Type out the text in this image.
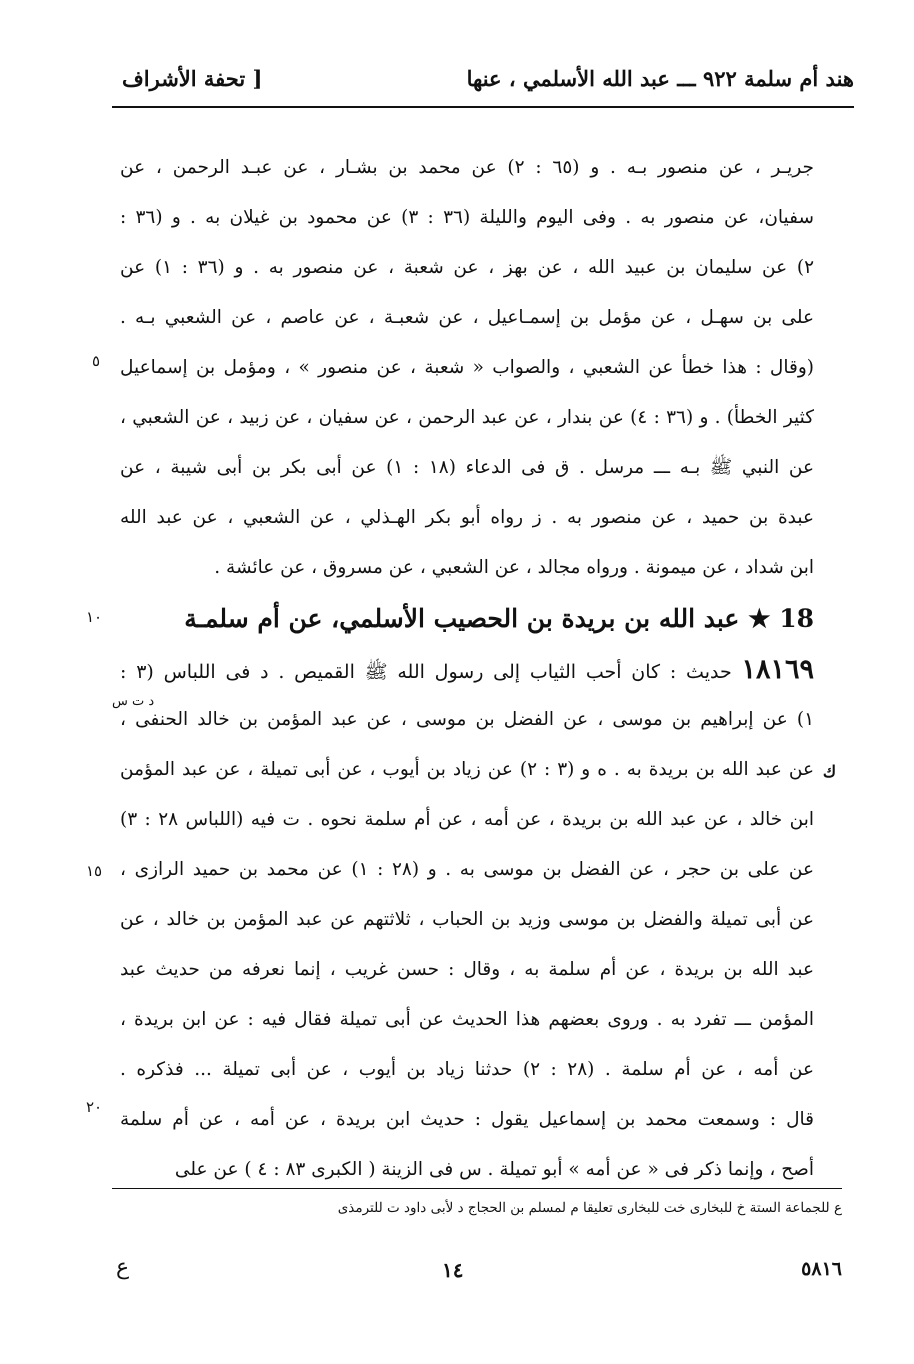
هند أم سلمة ٩٢٢ ـــ عبد الله الأسلمي ، عنها
[ تحفة الأشراف
جريـر ، عن منصور بـه . و (٦٥ : ٢) عن محمد بن بشـار ، عن عبـد الرحمن ، عن
سفيان، عن منصور به . وفى اليوم والليلة (٣٦ : ٣) عن محمود بن غيلان به . و (٣٦ :
٢) عن سليمان بن عبيد الله ، عن بهز ، عن شعبة ، عن منصور به . و (٣٦ : ١) عن
على بن سهـل ، عن مؤمل بن إسمـاعيل ، عن شعبـة ، عن عاصم ، عن الشعبي بـه .
(وقال : هذا خطأ عن الشعبي ، والصواب « شعبة ، عن منصور » ، ومؤمل بن إسماعيل
كثير الخطأ) . و (٣٦ : ٤) عن بندار ، عن عبد الرحمن ، عن سفيان ، عن زبيد ، عن الشعبي ،
عن النبي ﷺ بـه ـــ مرسل . ق فى الدعاء (١٨ : ١) عن أبى بكر بن أبى شيبة ، عن
عبدة بن حميد ، عن منصور به . ز رواه أبو بكر الهـذلي ، عن الشعبي ، عن عبد الله
ابن شداد ، عن ميمونة . ورواه مجالد ، عن الشعبي ، عن مسروق ، عن عائشة .
18 ★ عبد الله بن بريدة بن الحصيب الأسلمي، عن أم سلمـة
١٨١٦٩ حديث : كان أحب الثياب إلى رسول الله ﷺ القميص . د فى اللباس (٣ :
١) عن إبراهيم بن موسى ، عن الفضل بن موسى ، عن عبد المؤمن بن خالد الحنفى ،
عن عبد الله بن بريدة به . ه و (٣ : ٢) عن زياد بن أيوب ، عن أبى تميلة ، عن عبد المؤمن
ابن خالد ، عن عبد الله بن بريدة ، عن أمه ، عن أم سلمة نحوه . ت فيه (اللباس ٢٨ : ٣)
عن على بن حجر ، عن الفضل بن موسى به . و (٢٨ : ١) عن محمد بن حميد الرازى ،
عن أبى تميلة والفضل بن موسى وزيد بن الحباب ، ثلاثتهم عن عبد المؤمن بن خالد ، عن
عبد الله بن بريدة ، عن أم سلمة به ، وقال : حسن غريب ، إنما نعرفه من حديث عبد
المؤمن ـــ تفرد به . وروى بعضهم هذا الحديث عن أبى تميلة فقال فيه : عن ابن بريدة ،
عن أمه ، عن أم سلمة . (٢٨ : ٢) حدثنا زياد بن أيوب ، عن أبى تميلة ... فذكره .
قال : وسمعت محمد بن إسماعيل يقول : حديث ابن بريدة ، عن أمه ، عن أم سلمة
أصح ، وإنما ذكر فى « عن أمه » أبو تميلة . س فى الزينة ( الكبرى ٨٣ : ٤ ) عن على
د ت س
٥
١٠
١٥
٢٠
ك
ع للجماعة الستة خ للبخارى خت للبخارى تعليقا م لمسلم بن الحجاج د لأبى داود ت للترمذى
ع	١٤	٥٨١٦
